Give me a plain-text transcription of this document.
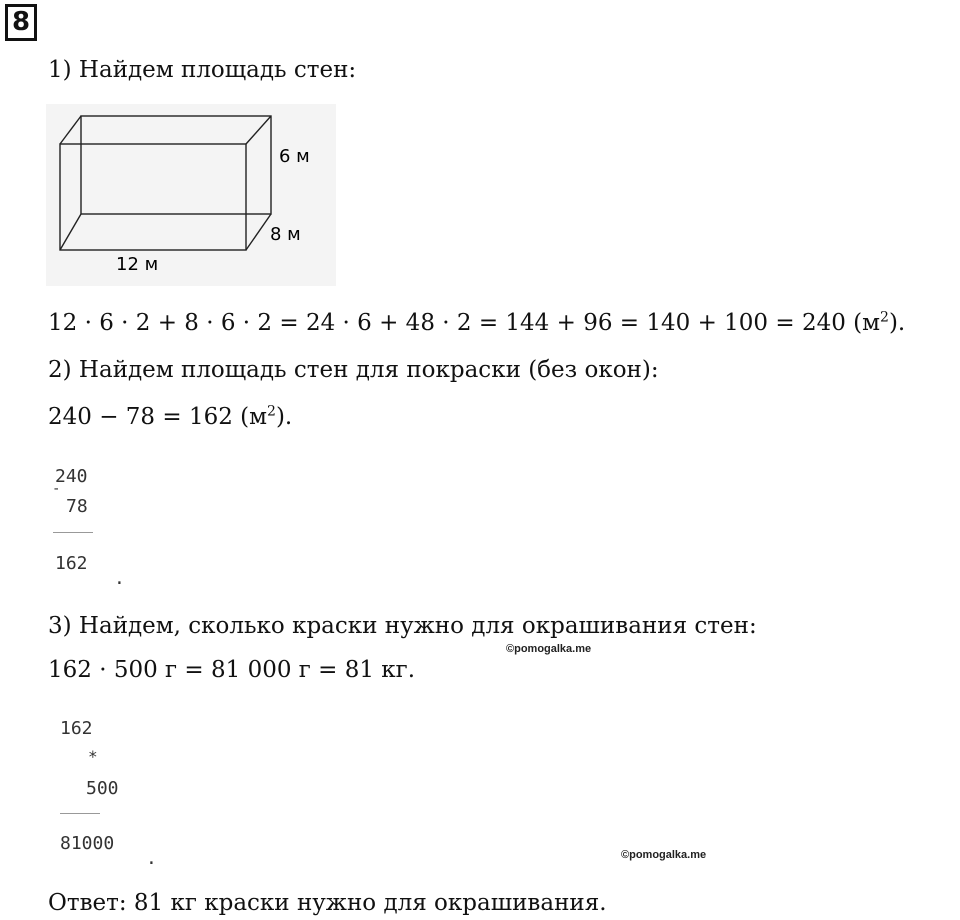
8
1) Найдем площадь стен:
6 м
8 м
12 м
12 · 6 · 2 + 8 · 6 · 2 = 24 · 6 + 48 · 2 = 144 + 96 = 140 + 100 = 240 $(м^2)$.
2) Найдем площадь стен для покраски (без окон):
240 − 78 = 162 $(м^2)$.
240
-
78
162
.
3) Найдем, сколько краски нужно для окрашивания стен:
©pomogalka.me
162 · 500 г = 81 000 г = 81 кг.
162
*
500
81000
.	©pomogalka.me
Ответ: 81 кг краски нужно для окрашивания.
